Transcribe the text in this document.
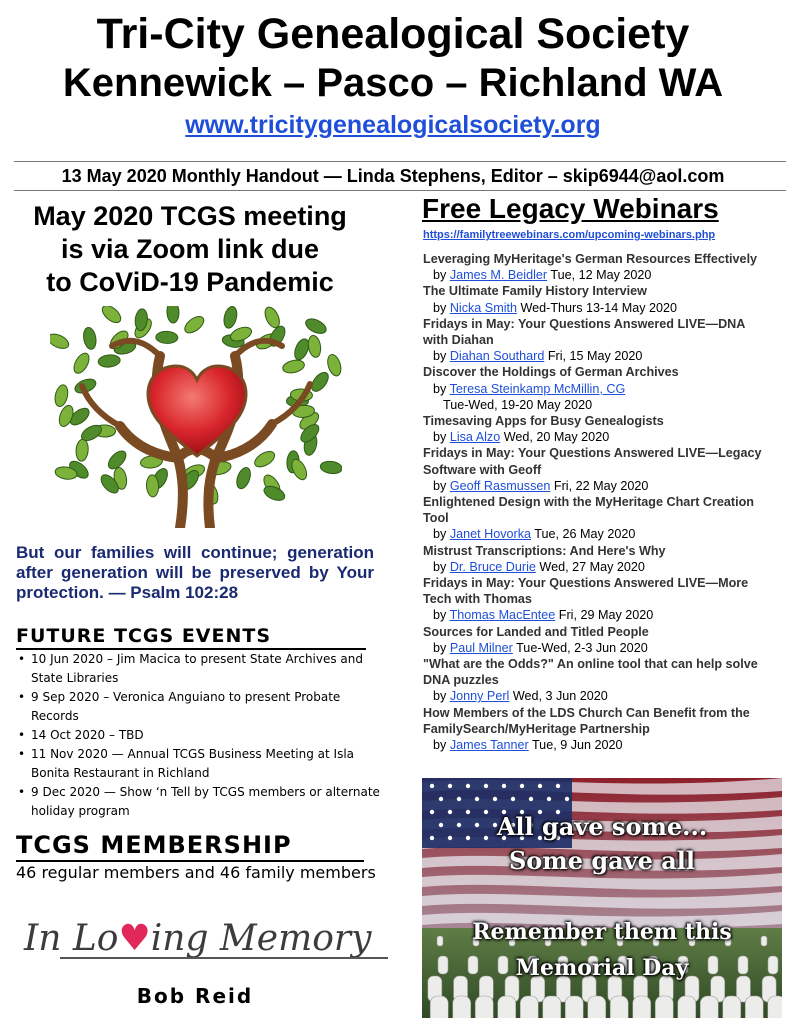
Tri-City Genealogical Society
Kennewick – Pasco – Richland WA
www.tricitygenealogicalsociety.org
13 May 2020 Monthly Handout — Linda Stephens, Editor – skip6944@aol.com
May 2020 TCGS meeting
is via Zoom link due
to CoViD-19 Pandemic
But our families will continue; generation after generation will be preserved by Your protection. — Psalm 102:28
FUTURE TCGS EVENTS
• 10 Jun 2020 – Jim Macica to present State Archives and State Libraries
• 9 Sep 2020 – Veronica Anguiano to present Probate Records
• 14 Oct 2020 – TBD
• 11 Nov 2020 — Annual TCGS Business Meeting at Isla Bonita Restaurant in Richland
• 9 Dec 2020 — Show ‘n Tell by TCGS members or alternate holiday program
TCGS MEMBERSHIP
46 regular members and 46 family members
In Lo♥ing Memory
Bob Reid
Free Legacy Webinars
https://familytreewebinars.com/upcoming-webinars.php
Leveraging MyHeritage's German Resources Effectively
by James M. Beidler Tue, 12 May 2020
The Ultimate Family History Interview
by Nicka Smith Wed-Thurs 13-14 May 2020
Fridays in May: Your Questions Answered LIVE—DNA with Diahan
by Diahan Southard Fri, 15 May 2020
Discover the Holdings of German Archives
by Teresa Steinkamp McMillin, CG
Tue-Wed, 19-20 May 2020
Timesaving Apps for Busy Genealogists
by Lisa Alzo Wed, 20 May 2020
Fridays in May: Your Questions Answered LIVE—Legacy Software with Geoff
by Geoff Rasmussen Fri, 22 May 2020
Enlightened Design with the MyHeritage Chart Creation Tool
by Janet Hovorka Tue, 26 May 2020
Mistrust Transcriptions: And Here's Why
by Dr. Bruce Durie Wed, 27 May 2020
Fridays in May: Your Questions Answered LIVE—More Tech with Thomas
by Thomas MacEntee Fri, 29 May 2020
Sources for Landed and Titled People
by Paul Milner Tue-Wed, 2-3 Jun 2020
"What are the Odds?" An online tool that can help solve DNA puzzles
by Jonny Perl Wed, 3 Jun 2020
How Members of the LDS Church Can Benefit from the FamilySearch/MyHeritage Partnership
by James Tanner Tue, 9 Jun 2020
All gave some...
Some gave all
Remember them this
Memorial Day
